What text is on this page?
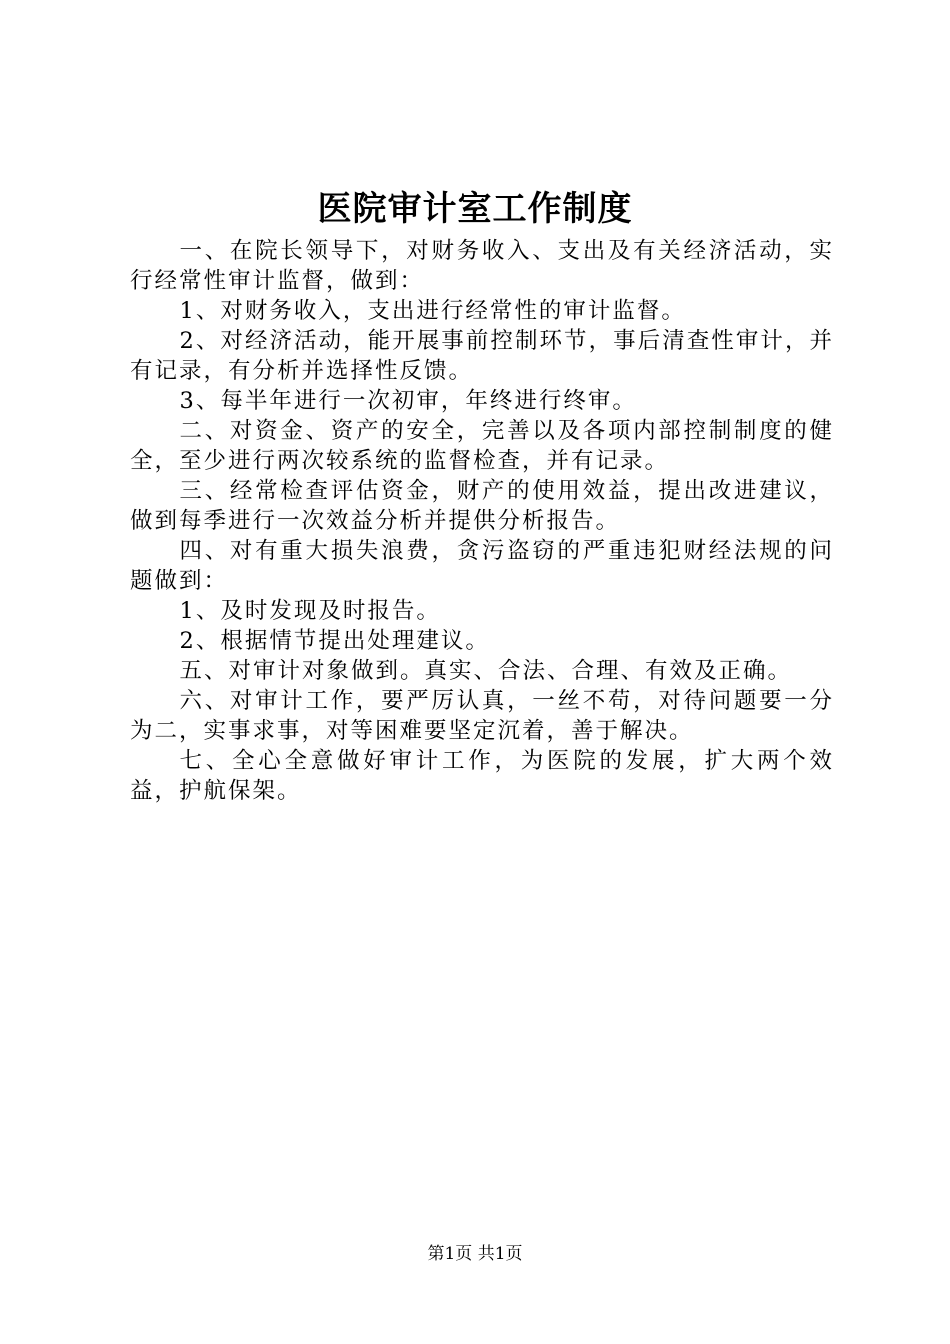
医院审计室工作制度

一、在院长领导下，对财务收入、支出及有关经济活动，实行经常性审计监督，做到：

1、对财务收入，支出进行经常性的审计监督。

2、对经济活动，能开展事前控制环节，事后清查性审计，并有记录，有分析并选择性反馈。

3、每半年进行一次初审，年终进行终审。

二、对资金、资产的安全，完善以及各项内部控制制度的健全，至少进行两次较系统的监督检查，并有记录。

三、经常检查评估资金，财产的使用效益，提出改进建议，做到每季进行一次效益分析并提供分析报告。

四、对有重大损失浪费，贪污盗窃的严重违犯财经法规的问题做到：

1、及时发现及时报告。

2、根据情节提出处理建议。

五、对审计对象做到。真实、合法、合理、有效及正确。

六、对审计工作，要严厉认真，一丝不苟，对待问题要一分为二，实事求事，对等困难要坚定沉着，善于解决。

七、全心全意做好审计工作，为医院的发展，扩大两个效益，护航保架。

第1页 共1页
